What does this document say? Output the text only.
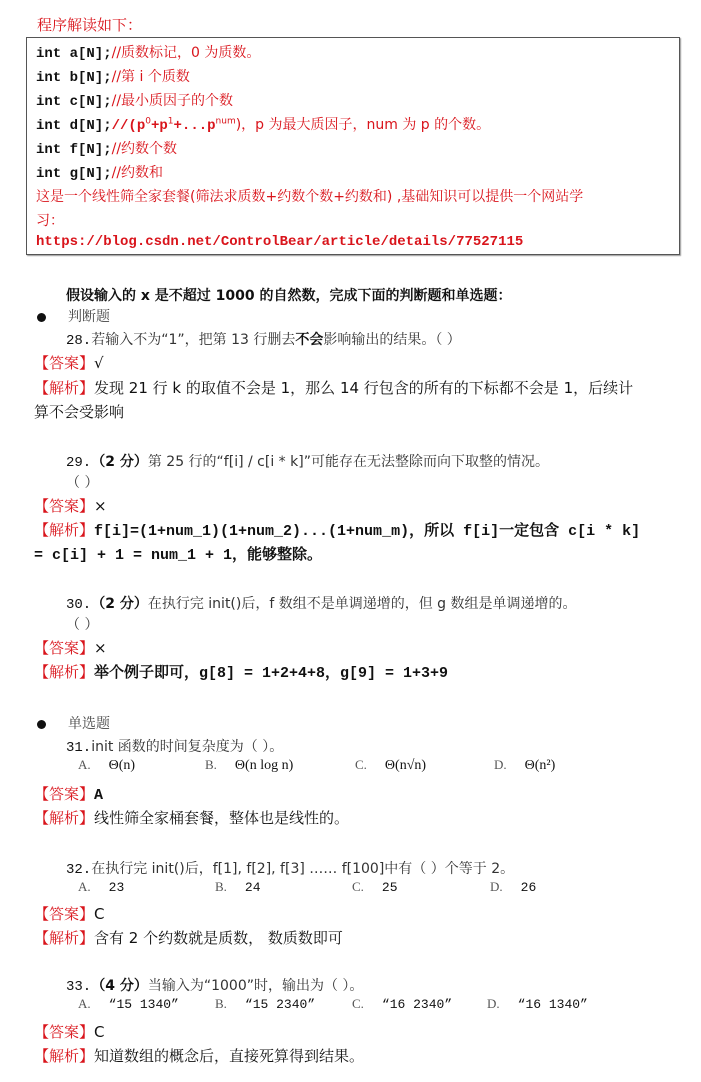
程序解读如下：
int a[N];//质数标记，0 为质数。
int b[N];//第 i 个质数
int c[N];//最小质因子的个数
int $d[N];//(p^0+p^1+...p^{num})$，p 为最大质因子，num 为 p 的个数。
int f[N];//约数个数
int g[N];//约数和
这是一个线性筛全家套餐(筛法求质数+约数个数+约数和) ,基础知识可以提供一个网站学
习：
https://blog.csdn.net/ControlBear/article/details/77527115
假设输入的 x 是不超过 1000 的自然数，完成下面的判断题和单选题：
判断题
28.若输入不为“1”，把第 13 行删去不会影响输出的结果。（ ）
【答案】√
【解析】发现 21 行 k 的取值不会是 1，那么 14 行包含的所有的下标都不会是 1，后续计
算不会受影响
29.（2 分）第 25 行的“f[i] / c[i * k]”可能存在无法整除而向下取整的情况。
（ ）
【答案】×
【解析】f[i]=(1+num_1)(1+num_2)...(1+num_m)，所以 f[i]一定包含 c[i * k]
= c[i] + 1 = num_1 + 1，能够整除。
30.（2 分）在执行完 init()后，f 数组不是单调递增的，但 g 数组是单调递增的。
（ ）
【答案】×
【解析】举个例子即可，g[8] = 1+2+4+8，g[9] = 1+3+9
单选题
31.init 函数的时间复杂度为（ ）。
A. Θ(n)	B. Θ(n log n)	C. Θ(n√n)	D. Θ(n²)
【答案】A
【解析】线性筛全家桶套餐，整体也是线性的。
32.在执行完 init()后，f[1], f[2], f[3] …… f[100]中有（ ）个等于 2。
A. 23	B. 24	C. 25	D. 26
【答案】C
【解析】含有 2 个约数就是质数， 数质数即可
33.（4 分）当输入为“1000”时，输出为（ ）。
A. “15 1340”	B. “15 2340”	C. “16 2340”	D. “16 1340”
【答案】C
【解析】知道数组的概念后，直接死算得到结果。
